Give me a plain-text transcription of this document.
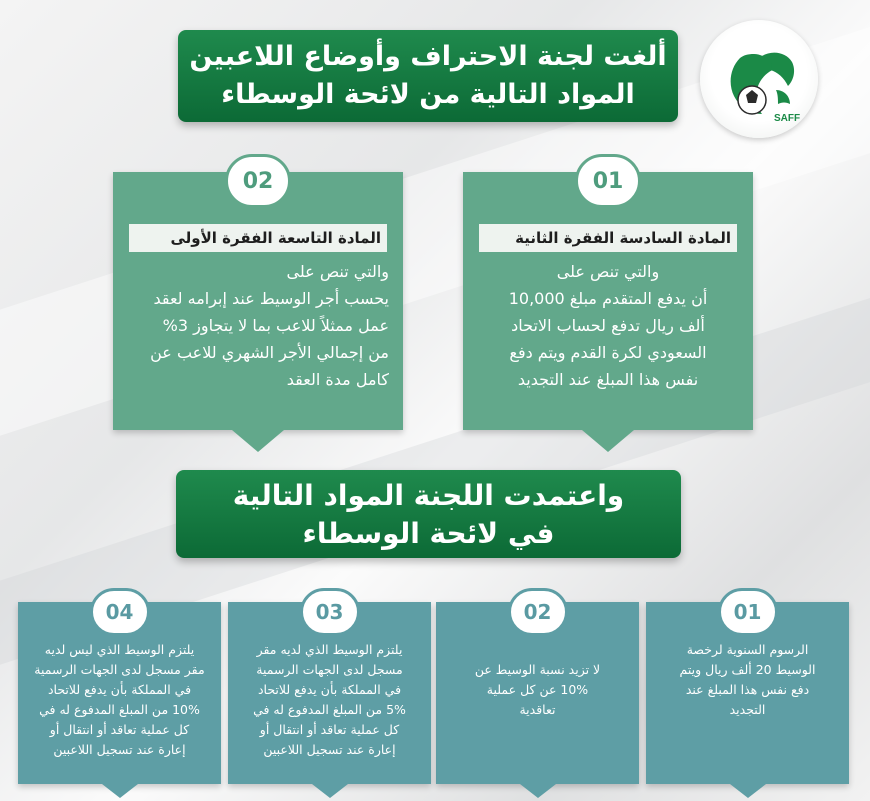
ألغت لجنة الاحتراف وأوضاع اللاعبين
المواد التالية من لائحة الوسطاء
SAFF
01
المادة السادسة الفقرة الثانية
والتي تنص على
أن يدفع المتقدم مبلغ 10,000
ألف ريال تدفع لحساب الاتحاد
السعودي لكرة القدم ويتم دفع
نفس هذا المبلغ عند التجديد
02
المادة التاسعة الفقرة الأولى
والتي تنص على
يحسب أجر الوسيط عند إبرامه لعقد
عمل ممثلاً للاعب بما لا يتجاوز 3%
من إجمالي الأجر الشهري للاعب عن
كامل مدة العقد
واعتمدت اللجنة المواد التالية
في لائحة الوسطاء
01
الرسوم السنوية لرخصة
الوسيط 20 ألف ريال ويتم
دفع نفس هذا المبلغ عند
التجديد
02
لا تزيد نسبة الوسيط عن
10% عن كل عملية
تعاقدية
03
يلتزم الوسيط الذي لديه مقر
مسجل لدى الجهات الرسمية
في المملكة بأن يدفع للاتحاد
5% من المبلغ المدفوع له في
كل عملية تعاقد أو انتقال أو
إعارة عند تسجيل اللاعبين
04
يلتزم الوسيط الذي ليس لديه
مقر مسجل لدى الجهات الرسمية
في المملكة بأن يدفع للاتحاد
10% من المبلغ المدفوع له في
كل عملية تعاقد أو انتقال أو
إعارة عند تسجيل اللاعبين
